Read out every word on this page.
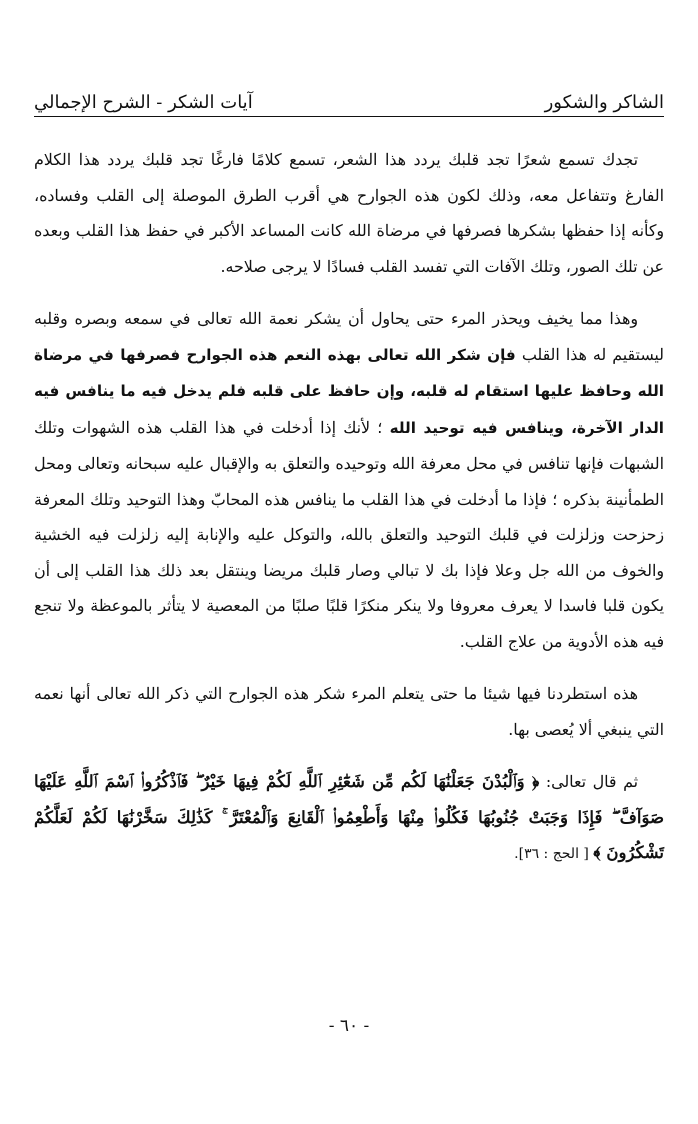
الشاكر والشكور
آيات الشكر - الشرح الإجمالي

تجدك تسمع شعرًا تجد قلبك يردد هذا الشعر، تسمع كلامًا فارغًا تجد قلبك يردد هذا الكلام الفارغ وتتفاعل معه، وذلك لكون هذه الجوارح هي أقرب الطرق الموصلة إلى القلب وفساده، وكأنه إذا حفظها بشكرها فصرفها في مرضاة الله كانت المساعد الأكبر في حفظ هذا القلب وبعده عن تلك الصور، وتلك الآفات التي تفسد القلب فسادًا لا يرجى صلاحه.

وهذا مما يخيف ويحذر المرء حتى يحاول أن يشكر نعمة الله تعالى في سمعه وبصره وقلبه ليستقيم له هذا القلب فإن شكر الله تعالى بهذه النعم هذه الجوارح فصرفها في مرضاة الله وحافظ عليها استقام له قلبه، وإن حافظ على قلبه فلم يدخل فيه ما ينافس فيه الدار الآخرة، وينافس فيه توحيد الله ؛ لأنك إذا أدخلت في هذا القلب هذه الشهوات وتلك الشبهات فإنها تنافس في محل معرفة الله وتوحيده والتعلق به والإقبال عليه سبحانه وتعالى ومحل الطمأنينة بذكره ؛ فإذا ما أدخلت في هذا القلب ما ينافس هذه المحابّ وهذا التوحيد وتلك المعرفة زحزحت وزلزلت في قلبك التوحيد والتعلق بالله، والتوكل عليه والإنابة إليه زلزلت فيه الخشية والخوف من الله جل وعلا فإذا بك لا تبالي وصار قلبك مريضا وينتقل بعد ذلك هذا القلب إلى أن يكون قلبا فاسدا لا يعرف معروفا ولا ينكر منكرًا قلبًا صلبًا من المعصية لا يتأثر بالموعظة ولا تنجع فيه هذه الأدوية من علاج القلب.

هذه استطردنا فيها شيئا ما حتى يتعلم المرء شكر هذه الجوارح التي ذكر الله تعالى أنها نعمه التي ينبغي ألا يُعصى بها.

ثم قال تعالى: ﴿ وَٱلْبُدْنَ جَعَلْنَٰهَا لَكُم مِّن شَعَٰٓئِرِ ٱللَّهِ لَكُمْ فِيهَا خَيْرٌ ۖ فَٱذْكُرُوا۟ ٱسْمَ ٱللَّهِ عَلَيْهَا صَوَآفَّ ۖ فَإِذَا وَجَبَتْ جُنُوبُهَا فَكُلُوا۟ مِنْهَا وَأَطْعِمُوا۟ ٱلْقَانِعَ وَٱلْمُعْتَرَّ ۚ كَذَٰلِكَ سَخَّرْنَٰهَا لَكُمْ لَعَلَّكُمْ تَشْكُرُونَ ﴾ [ الحج : ٣٦].

- ٦٠ -
